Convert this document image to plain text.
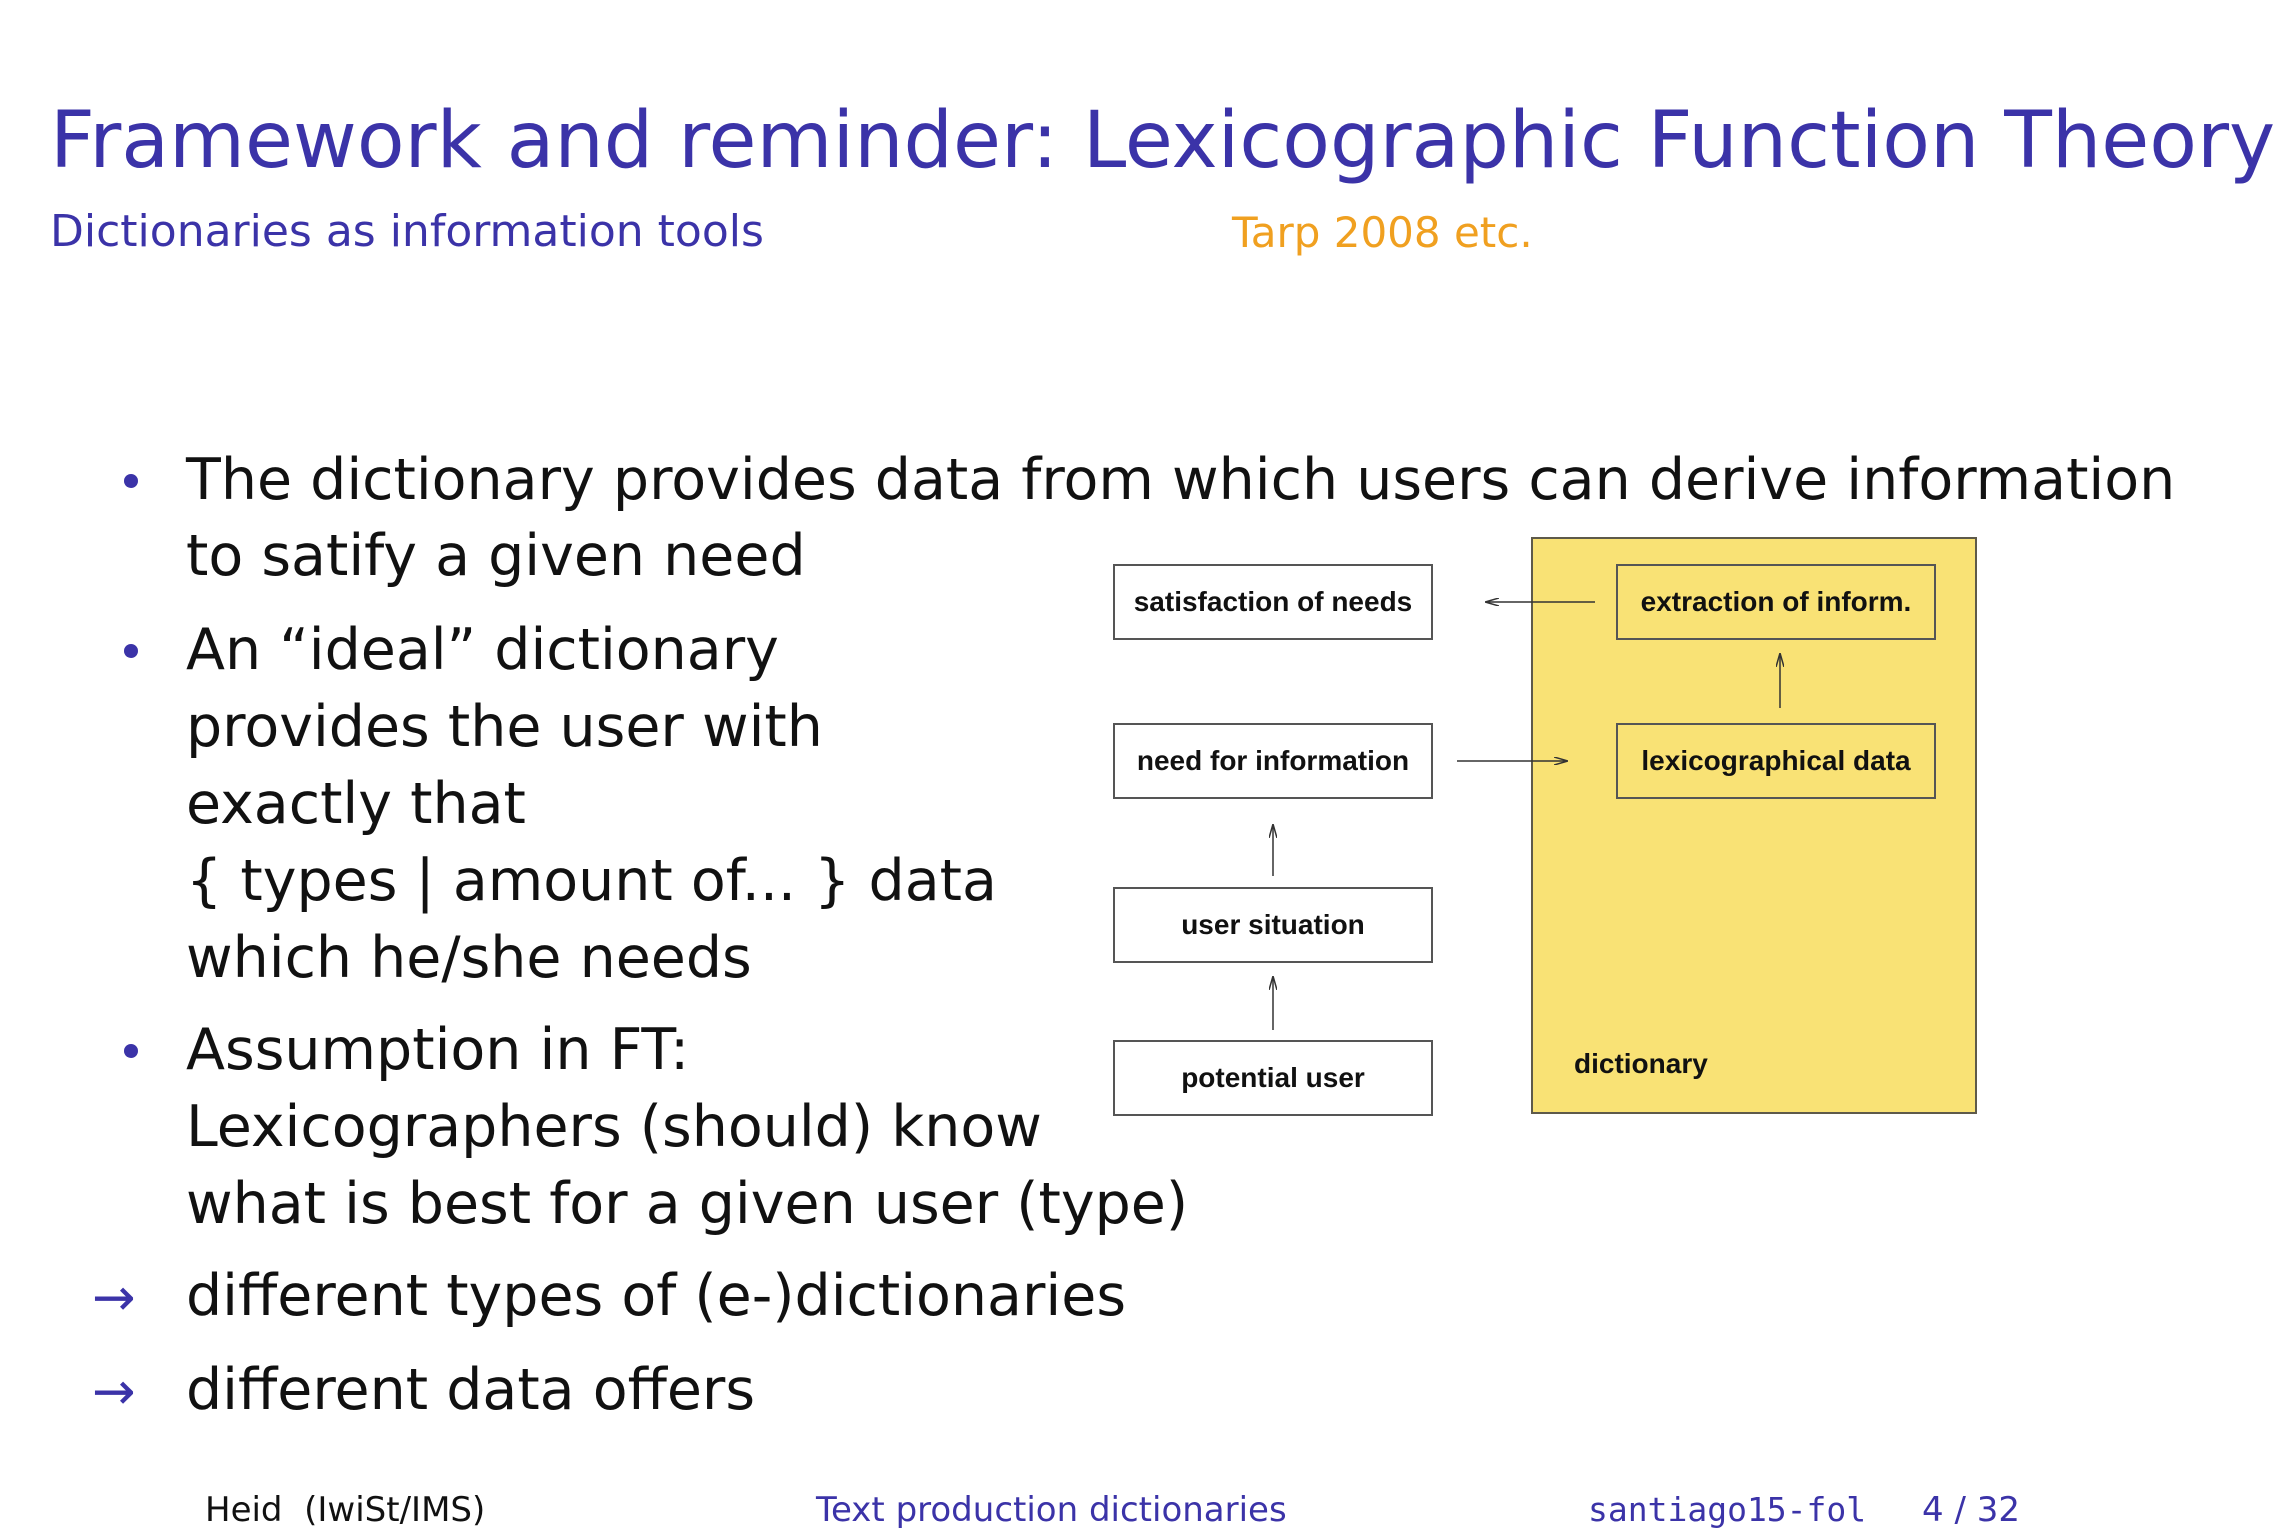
Framework and reminder: Lexicographic Function Theory
Dictionaries as information tools	Tarp 2008 etc.
The dictionary provides data from which users can derive information
to satify a given need
An “ideal” dictionary
provides the user with
exactly that
{ types | amount of... } data
which he/she needs
Assumption in FT:
Lexicographers (should) know
what is best for a given user (type)
→ different types of (e-)dictionaries
→ different data offers
satisfaction of needs
need for information
user situation
potential user
extraction of inform.
lexicographical data
dictionary
Heid  (IwiSt/IMS)	Text production dictionaries	santiago15-fol 4 / 32
